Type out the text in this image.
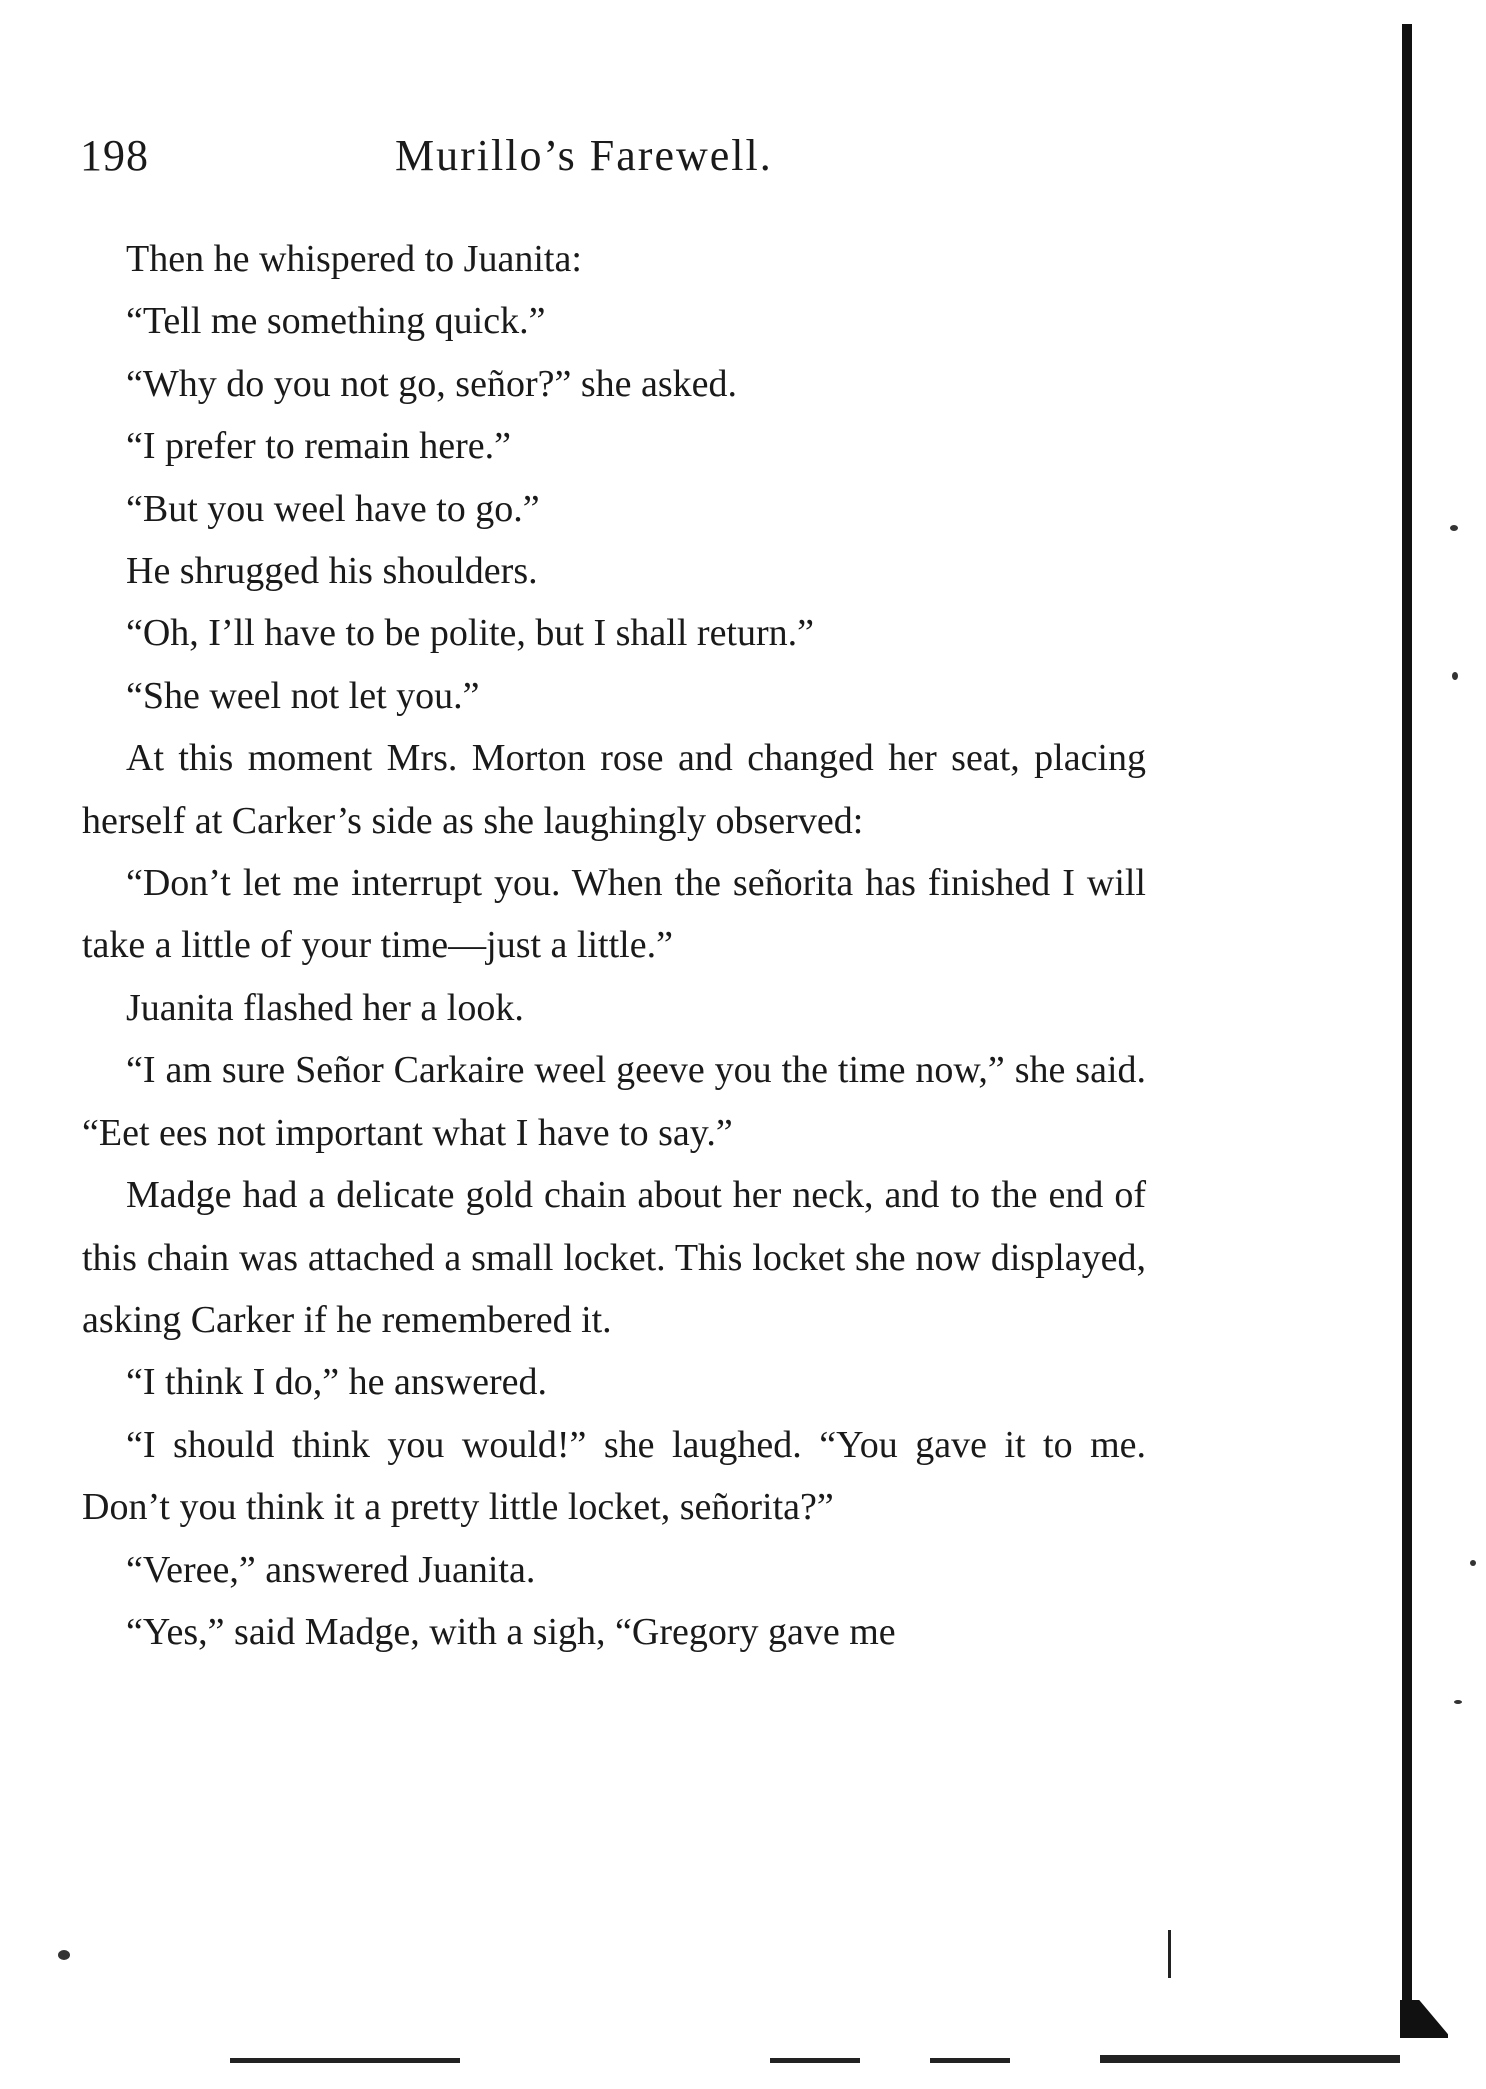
198	Murillo’s Farewell.

Then he whispered to Juanita:

“Tell me something quick.”

“Why do you not go, señor?” she asked.

“I prefer to remain here.”

“But you weel have to go.”

He shrugged his shoulders.

“Oh, I’ll have to be polite, but I shall return.”

“She weel not let you.”

At this moment Mrs. Morton rose and changed her seat, placing herself at Carker’s side as she laughingly observed:

“Don’t let me interrupt you. When the señorita has finished I will take a little of your time—just a little.”

Juanita flashed her a look.

“I am sure Señor Carkaire weel geeve you the time now,” she said. “Eet ees not important what I have to say.”

Madge had a delicate gold chain about her neck, and to the end of this chain was attached a small locket. This locket she now displayed, asking Carker if he remembered it.

“I think I do,” he answered.

“I should think you would!” she laughed. “You gave it to me. Don’t you think it a pretty little locket, señorita?”

“Veree,” answered Juanita.

“Yes,” said Madge, with a sigh, “Gregory gave me
